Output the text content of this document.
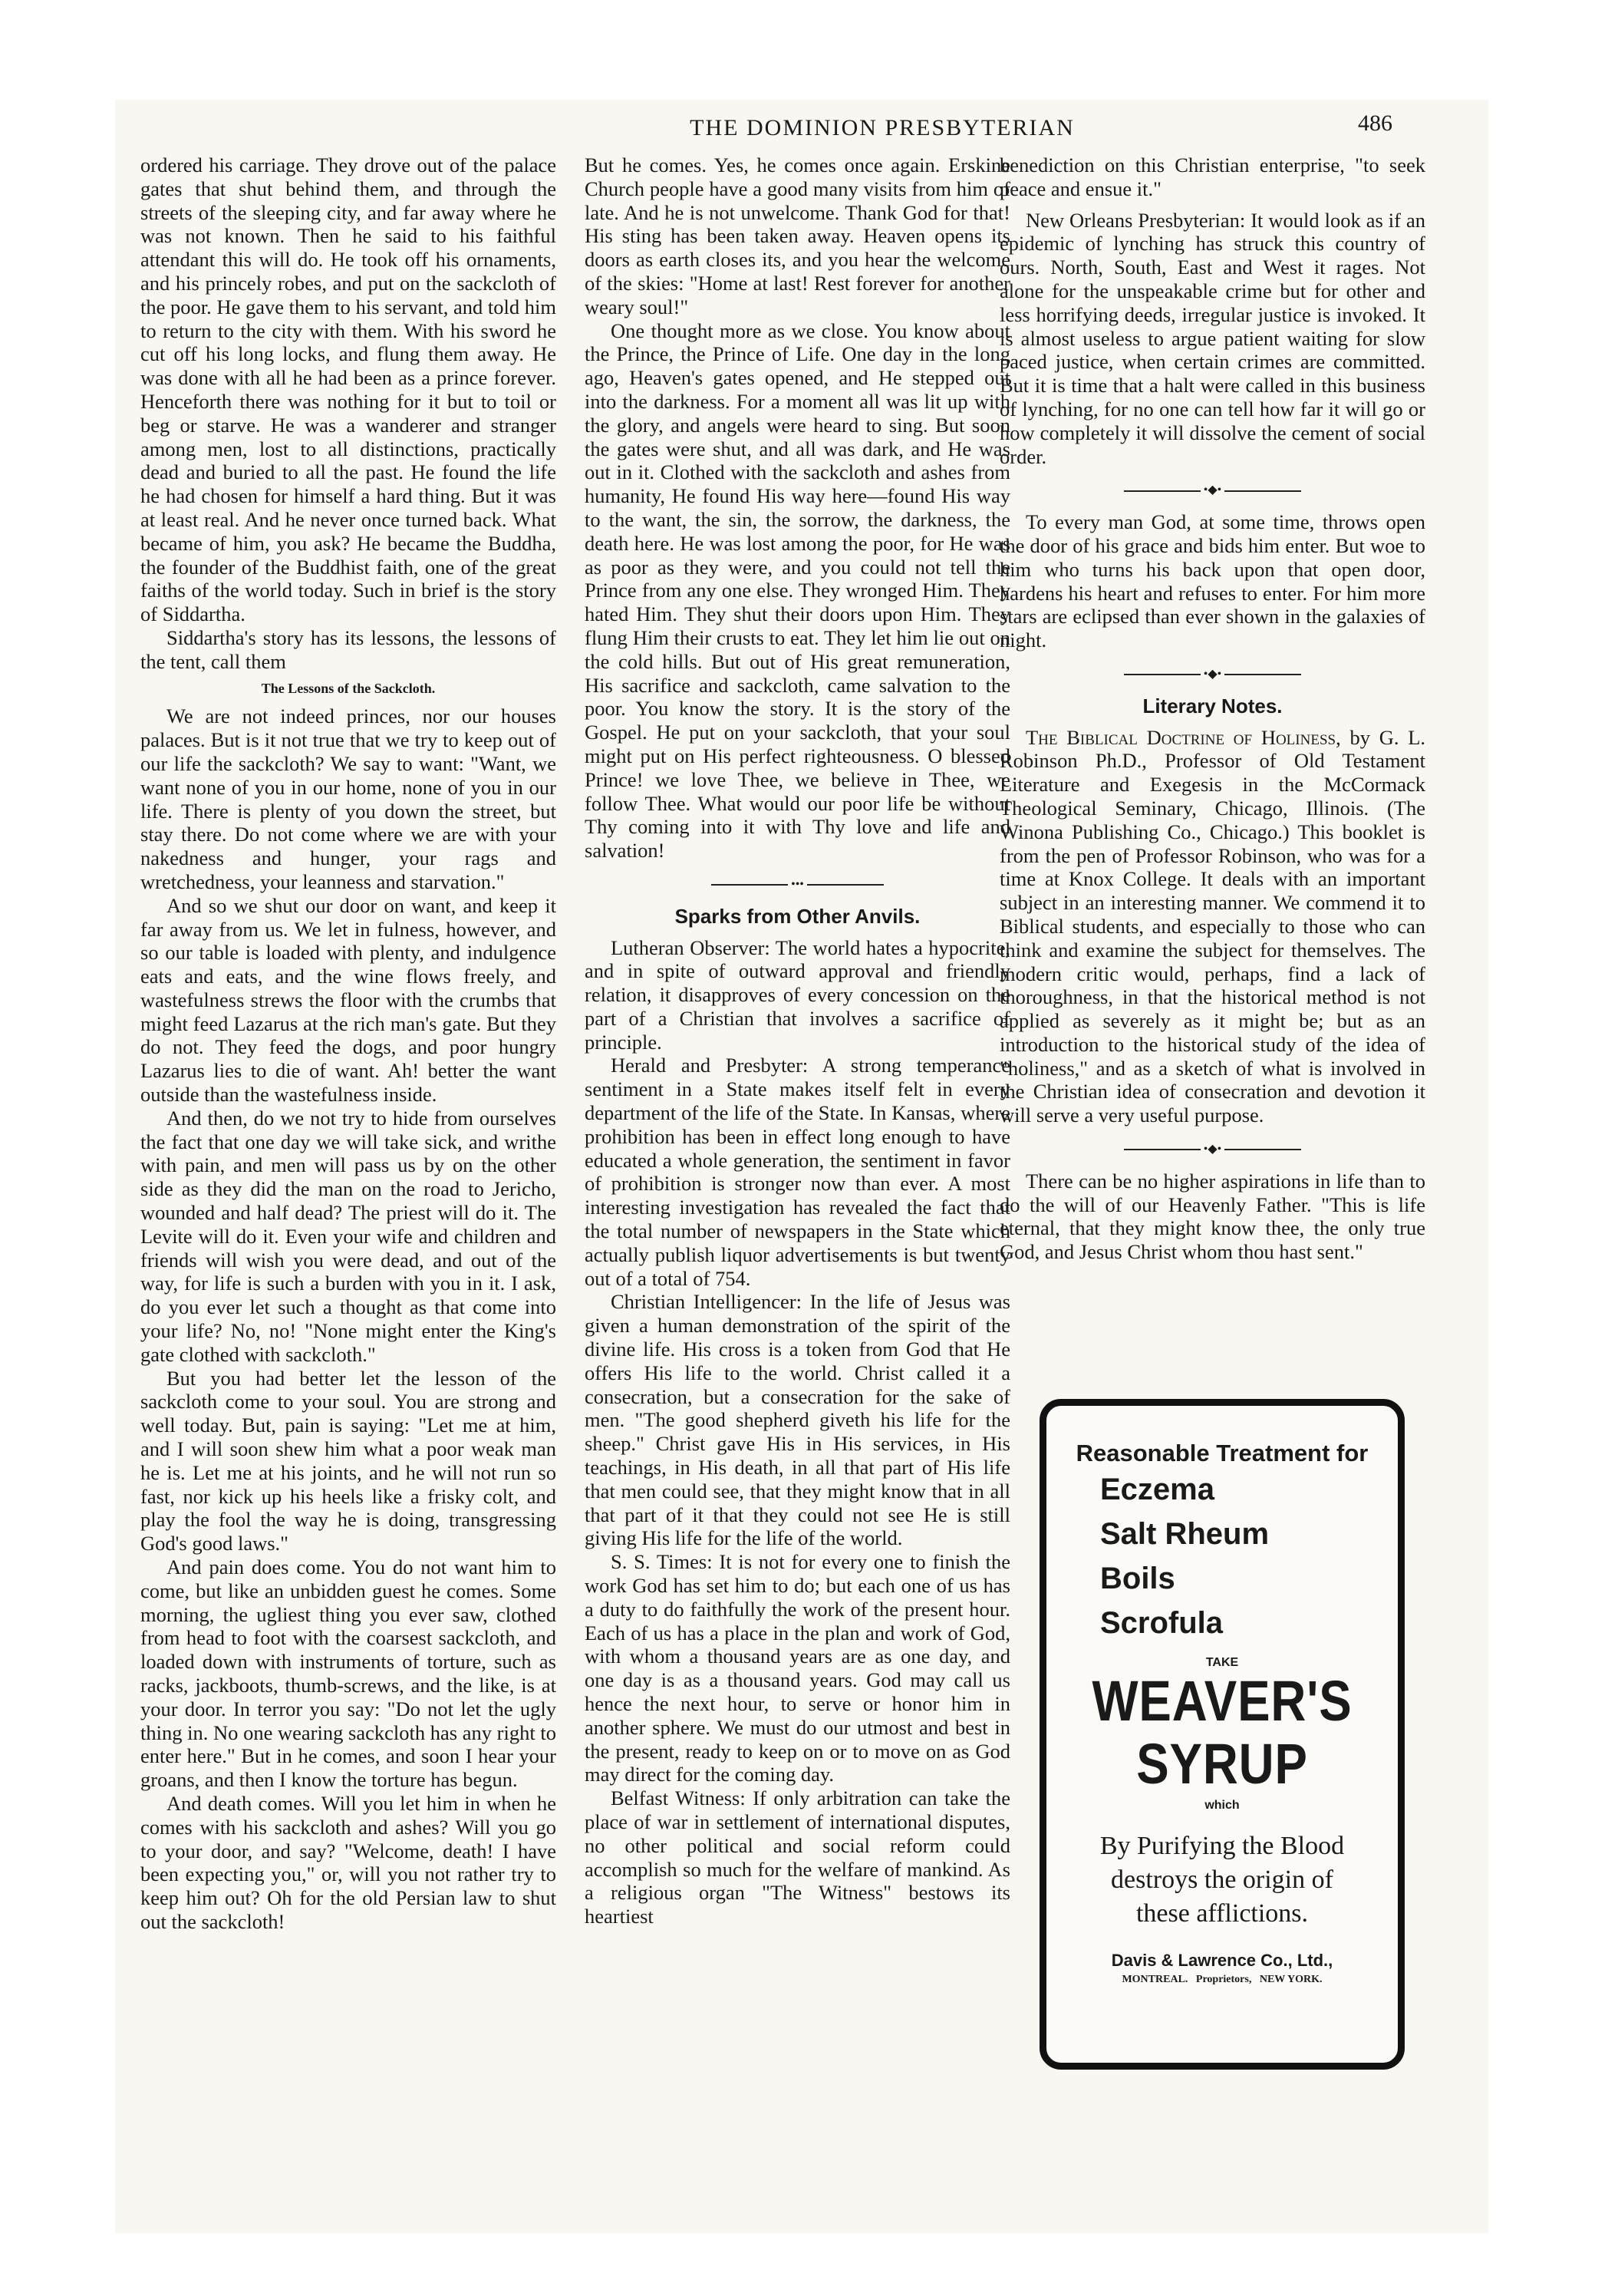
THE DOMINION PRESBYTERIAN	486

ordered his carriage. They drove out of the palace gates that shut behind them, and through the streets of the sleeping city, and far away where he was not known. Then he said to his faithful attendant this will do. He took off his ornaments, and his princely robes, and put on the sackcloth of the poor. He gave them to his servant, and told him to return to the city with them. With his sword he cut off his long locks, and flung them away. He was done with all he had been as a prince forever. Henceforth there was nothing for it but to toil or beg or starve. He was a wanderer and stranger among men, lost to all distinctions, practically dead and buried to all the past. He found the life he had chosen for himself a hard thing. But it was at least real. And he never once turned back. What became of him, you ask? He became the Buddha, the founder of the Buddhist faith, one of the great faiths of the world today. Such in brief is the story of Siddartha.

Siddartha's story has its lessons, the lessons of the tent, call them

The Lessons of the Sackcloth.

We are not indeed princes, nor our houses palaces. But is it not true that we try to keep out of our life the sackcloth? We say to want: "Want, we want none of you in our home, none of you in our life. There is plenty of you down the street, but stay there. Do not come where we are with your nakedness and hunger, your rags and wretchedness, your leanness and starvation."

And so we shut our door on want, and keep it far away from us. We let in fulness, however, and so our table is loaded with plenty, and indulgence eats and eats, and the wine flows freely, and wastefulness strews the floor with the crumbs that might feed Lazarus at the rich man's gate. But they do not. They feed the dogs, and poor hungry Lazarus lies to die of want. Ah! better the want outside than the wastefulness inside.

And then, do we not try to hide from ourselves the fact that one day we will take sick, and writhe with pain, and men will pass us by on the other side as they did the man on the road to Jericho, wounded and half dead? The priest will do it. The Levite will do it. Even your wife and children and friends will wish you were dead, and out of the way, for life is such a burden with you in it. I ask, do you ever let such a thought as that come into your life? No, no! "None might enter the King's gate clothed with sackcloth."

But you had better let the lesson of the sackcloth come to your soul. You are strong and well today. But, pain is saying: "Let me at him, and I will soon shew him what a poor weak man he is. Let me at his joints, and he will not run so fast, nor kick up his heels like a frisky colt, and play the fool the way he is doing, transgressing God's good laws."

And pain does come. You do not want him to come, but like an unbidden guest he comes. Some morning, the ugliest thing you ever saw, clothed from head to foot with the coarsest sackcloth, and loaded down with instruments of torture, such as racks, jackboots, thumb-screws, and the like, is at your door. In terror you say: "Do not let the ugly thing in. No one wearing sackcloth has any right to enter here." But in he comes, and soon I hear your groans, and then I know the torture has begun.

And death comes. Will you let him in when he comes with his sackcloth and ashes? Will you go to your door, and say? "Welcome, death! I have been expecting you," or, will you not rather try to keep him out? Oh for the old Persian law to shut out the sackcloth!

But he comes. Yes, he comes once again. Erskine Church people have a good many visits from him of late. And he is not unwelcome. Thank God for that! His sting has been taken away. Heaven opens its doors as earth closes its, and you hear the welcome of the skies: "Home at last! Rest forever for another weary soul!"

One thought more as we close. You know about the Prince, the Prince of Life. One day in the long ago, Heaven's gates opened, and He stepped out into the darkness. For a moment all was lit up with the glory, and angels were heard to sing. But soon the gates were shut, and all was dark, and He was out in it. Clothed with the sackcloth and ashes from humanity, He found His way here—found His way to the want, the sin, the sorrow, the darkness, the death here. He was lost among the poor, for He was as poor as they were, and you could not tell the Prince from any one else. They wronged Him. They hated Him. They shut their doors upon Him. They flung Him their crusts to eat. They let him lie out on the cold hills. But out of His great remuneration, His sacrifice and sackcloth, came salvation to the poor. You know the story. It is the story of the Gospel. He put on your sackcloth, that your soul might put on His perfect righteousness. O blessed Prince! we love Thee, we believe in Thee, we follow Thee. What would our poor life be without Thy coming into it with Thy love and life and salvation!

•••
Sparks from Other Anvils.

Lutheran Observer: The world hates a hypocrite, and in spite of outward approval and friendly relation, it disapproves of every concession on the part of a Christian that involves a sacrifice of principle.

Herald and Presbyter: A strong temperance sentiment in a State makes itself felt in every department of the life of the State. In Kansas, where prohibition has been in effect long enough to have educated a whole generation, the sentiment in favor of prohibition is stronger now than ever. A most interesting investigation has revealed the fact that the total number of newspapers in the State which actually publish liquor advertisements is but twenty out of a total of 754.

Christian Intelligencer: In the life of Jesus was given a human demonstration of the spirit of the divine life. His cross is a token from God that He offers His life to the world. Christ called it a consecration, but a consecration for the sake of men. "The good shepherd giveth his life for the sheep." Christ gave His in His services, in His teachings, in His death, in all that part of His life that men could see, that they might know that in all that part of it that they could not see He is still giving His life for the life of the world.

S. S. Times: It is not for every one to finish the work God has set him to do; but each one of us has a duty to do faithfully the work of the present hour. Each of us has a place in the plan and work of God, with whom a thousand years are as one day, and one day is as a thousand years. God may call us hence the next hour, to serve or honor him in another sphere. We must do our utmost and best in the present, ready to keep on or to move on as God may direct for the coming day.

Belfast Witness: If only arbitration can take the place of war in settlement of international disputes, no other political and social reform could accomplish so much for the welfare of mankind. As a religious organ "The Witness" bestows its heartiest

benediction on this Christian enterprise, "to seek peace and ensue it."

New Orleans Presbyterian: It would look as if an epidemic of lynching has struck this country of ours. North, South, East and West it rages. Not alone for the unspeakable crime but for other and less horrifying deeds, irregular justice is invoked. It is almost useless to argue patient waiting for slow paced justice, when certain crimes are committed. But it is time that a halt were called in this business of lynching, for no one can tell how far it will go or how completely it will dissolve the cement of social order.

•◆•

To every man God, at some time, throws open the door of his grace and bids him enter. But woe to him who turns his back upon that open door, hardens his heart and refuses to enter. For him more stars are eclipsed than ever shown in the galaxies of night.

•◆•
Literary Notes.

The Biblical Doctrine of Holiness, by G. L. Robinson Ph.D., Professor of Old Testament Literature and Exegesis in the McCormack Theological Seminary, Chicago, Illinois. (The Winona Publishing Co., Chicago.) This booklet is from the pen of Professor Robinson, who was for a time at Knox College. It deals with an important subject in an interesting manner. We commend it to Biblical students, and especially to those who can think and examine the subject for themselves. The modern critic would, perhaps, find a lack of thoroughness, in that the historical method is not applied as severely as it might be; but as an introduction to the historical study of the idea of "holiness," and as a sketch of what is involved in the Christian idea of consecration and devotion it will serve a very useful purpose.

•◆•

There can be no higher aspirations in life than to do the will of our Heavenly Father. "This is life eternal, that they might know thee, the only true God, and Jesus Christ whom thou hast sent."

Reasonable Treatment for
Eczema
Salt Rheum
Boils
Scrofula
TAKE
WEAVER'S
SYRUP
which
By Purifying the Blood destroys the origin of these afflictions.
Davis & Lawrence Co., Ltd.,
MONTREAL. Proprietors, NEW YORK.
